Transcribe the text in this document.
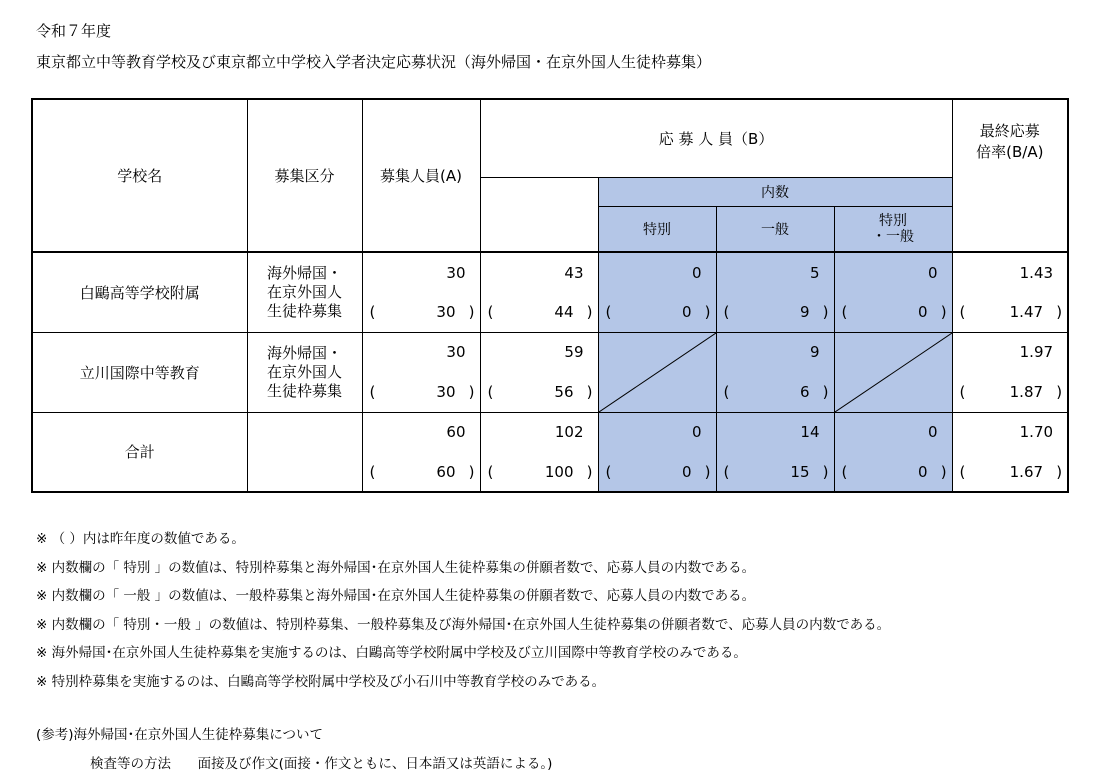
令和７年度
東京都立中等教育学校及び東京都立中学校入学者決定応募状況（海外帰国・在京外国人生徒枠募集）
学校名	募集区分	募集人員(A)	応 募 人 員（B）				最終応募
倍率(B/A)

				内数			
				特別	一般	特別
・一般	

白鷗高等学校附属	海外帰国・
在京外国人
生徒枠募集	30	43	0	5	0	1.43

		( 30 )	( 44 )	( 0 )	( 9 )	( 0 )	( 1.47 )

立川国際中等教育	海外帰国・
在京外国人
生徒枠募集	30	59		9		1.97

		( 30 )	( 56 )		( 6 )		( 1.87 )

合計		60	102	0	14	0	1.70

		( 60 )	( 100 )	( 0 )	( 15 )	( 0 )	( 1.67 )
※ （ ）内は昨年度の数値である。
※ 内数欄の「 特別 」の数値は、特別枠募集と海外帰国･在京外国人生徒枠募集の併願者数で、応募人員の内数である。
※ 内数欄の「 一般 」の数値は、一般枠募集と海外帰国･在京外国人生徒枠募集の併願者数で、応募人員の内数である。
※ 内数欄の「 特別・一般 」の数値は、特別枠募集、一般枠募集及び海外帰国･在京外国人生徒枠募集の併願者数で、応募人員の内数である。
※ 海外帰国･在京外国人生徒枠募集を実施するのは、白鷗高等学校附属中学校及び立川国際中等教育学校のみである。
※ 特別枠募集を実施するのは、白鷗高等学校附属中学校及び小石川中等教育学校のみである。
(参考)海外帰国･在京外国人生徒枠募集について
検査等の方法 面接及び作文(面接・作文ともに、日本語又は英語による。)
